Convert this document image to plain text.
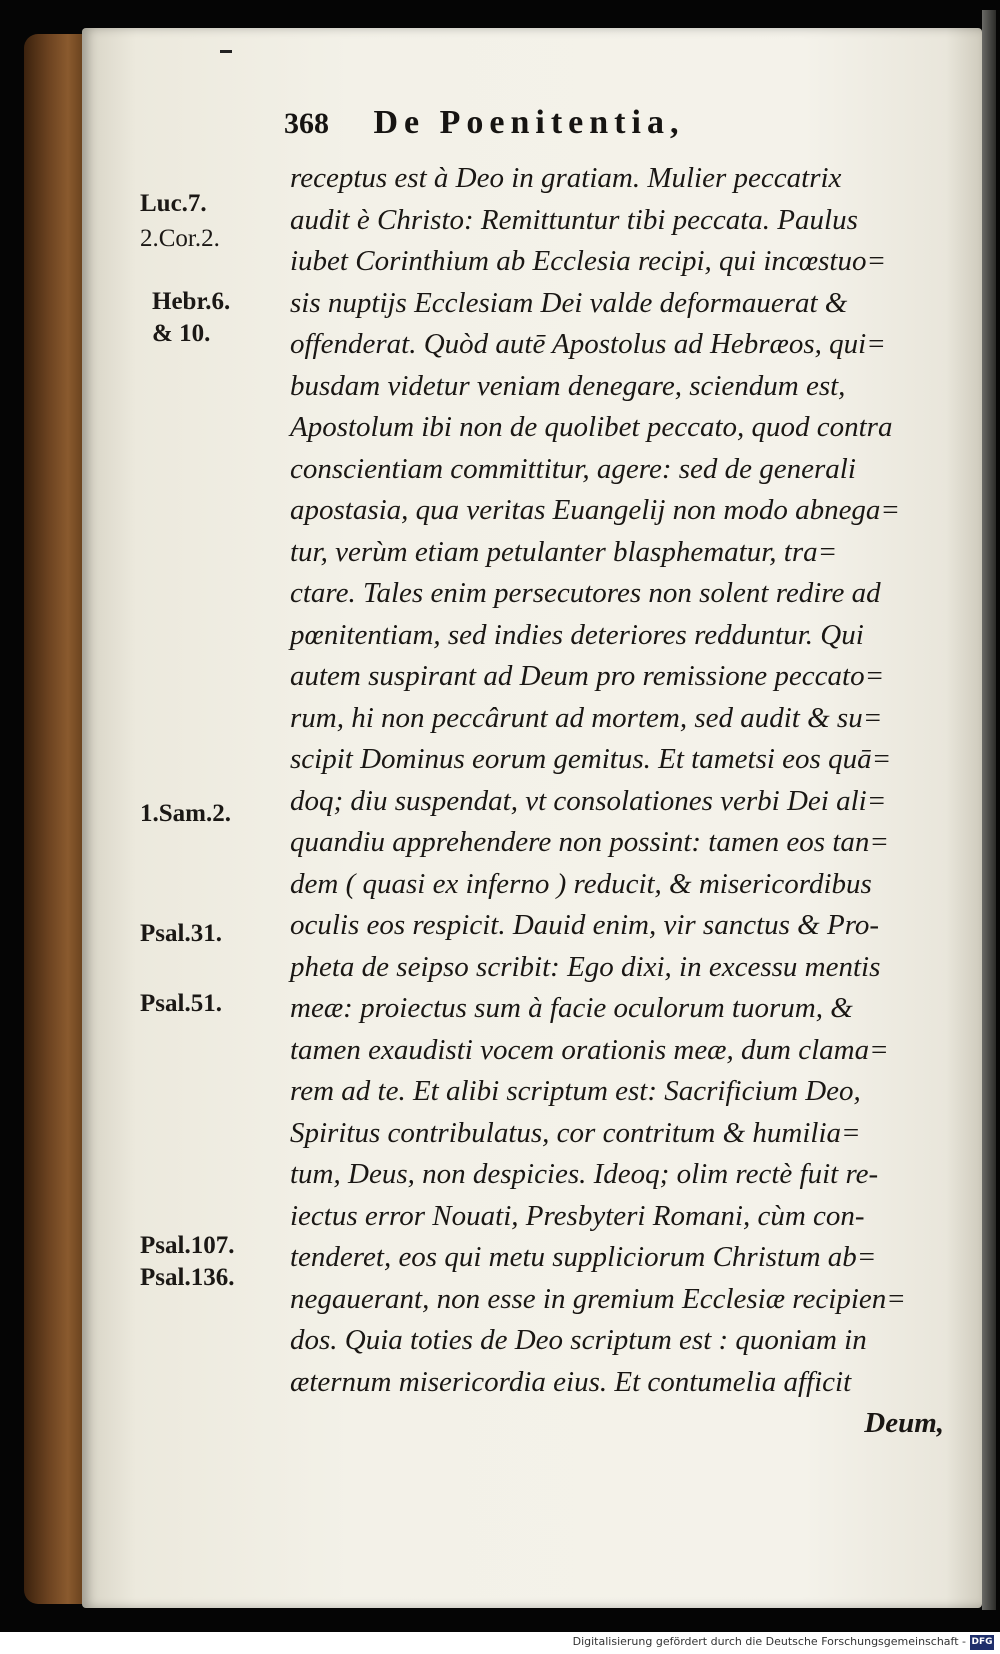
368 De Poenitentia,
Luc.7.
2.Cor.2.
Hebr.6.
& 10.
1.Sam.2.
Psal.31.
Psal.51.
Psal.107.
Psal.136.
receptus est à Deo in gratiam. Mulier peccatrix
audit è Christo: Remittuntur tibi peccata. Paulus
iubet Corinthium ab Ecclesia recipi, qui incœstuo=
sis nuptijs Ecclesiam Dei valde deformauerat &
offenderat. Quòd autē Apostolus ad Hebræos, qui=
busdam videtur veniam denegare, sciendum est,
Apostolum ibi non de quolibet peccato, quod contra
conscientiam committitur, agere: sed de generali
apostasia, qua veritas Euangelij non modo abnega=
tur, verùm etiam petulanter blasphematur, tra=
ctare. Tales enim persecutores non solent redire ad
pœnitentiam, sed indies deteriores redduntur. Qui
autem suspirant ad Deum pro remissione peccato=
rum, hi non peccârunt ad mortem, sed audit & su=
scipit Dominus eorum gemitus. Et tametsi eos quā=
doq; diu suspendat, vt consolationes verbi Dei ali=
quandiu apprehendere non possint: tamen eos tan=
dem ( quasi ex inferno ) reducit, & misericordibus
oculis eos respicit. Dauid enim, vir sanctus & Pro-
pheta de seipso scribit: Ego dixi, in excessu mentis
meæ: proiectus sum à facie oculorum tuorum, &
tamen exaudisti vocem orationis meæ, dum clama=
rem ad te. Et alibi scriptum est: Sacrificium Deo,
Spiritus contribulatus, cor contritum & humilia=
tum, Deus, non despicies. Ideoq; olim rectè fuit re-
iectus error Nouati, Presbyteri Romani, cùm con-
tenderet, eos qui metu suppliciorum Christum ab=
negauerant, non esse in gremium Ecclesiæ recipien=
dos. Quia toties de Deo scriptum est : quoniam in
æternum misericordia eius. Et contumelia afficit
Deum,
Digitalisierung gefördert durch die Deutsche Forschungsgemeinschaft - DFG
